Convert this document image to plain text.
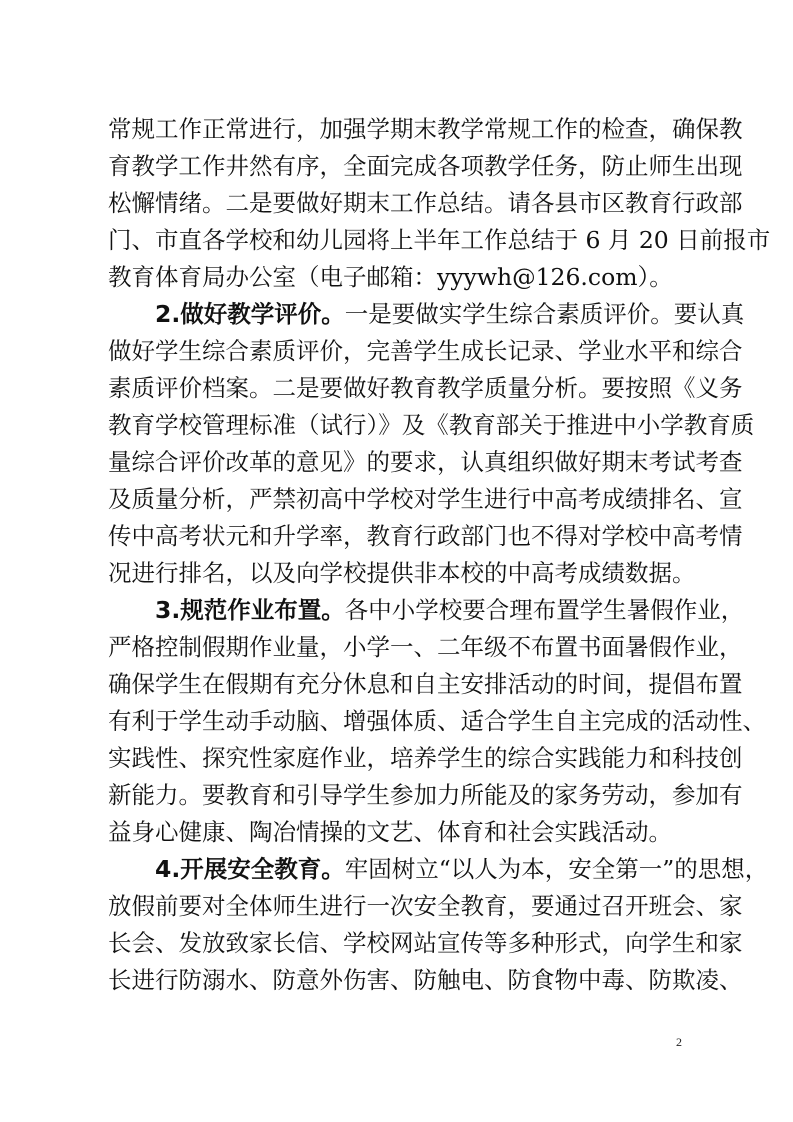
常规工作正常进行，加强学期末教学常规工作的检查，确保教
育教学工作井然有序，全面完成各项教学任务，防止师生出现
松懈情绪。二是要做好期末工作总结。请各县市区教育行政部
门、市直各学校和幼儿园将上半年工作总结于 6 月 20 日前报市
教育体育局办公室（电子邮箱：yyywh@126.com）。
2.做好教学评价。一是要做实学生综合素质评价。要认真
做好学生综合素质评价，完善学生成长记录、学业水平和综合
素质评价档案。二是要做好教育教学质量分析。要按照《义务
教育学校管理标准（试行）》及《教育部关于推进中小学教育质
量综合评价改革的意见》的要求，认真组织做好期末考试考查
及质量分析，严禁初高中学校对学生进行中高考成绩排名、宣
传中高考状元和升学率，教育行政部门也不得对学校中高考情
况进行排名，以及向学校提供非本校的中高考成绩数据。
3.规范作业布置。各中小学校要合理布置学生暑假作业，
严格控制假期作业量，小学一、二年级不布置书面暑假作业，
确保学生在假期有充分休息和自主安排活动的时间，提倡布置
有利于学生动手动脑、增强体质、适合学生自主完成的活动性、
实践性、探究性家庭作业，培养学生的综合实践能力和科技创
新能力。要教育和引导学生参加力所能及的家务劳动，参加有
益身心健康、陶冶情操的文艺、体育和社会实践活动。
4.开展安全教育。牢固树立“以人为本，安全第一”的思想，
放假前要对全体师生进行一次安全教育，要通过召开班会、家
长会、发放致家长信、学校网站宣传等多种形式，向学生和家
长进行防溺水、防意外伤害、防触电、防食物中毒、防欺凌、
2
